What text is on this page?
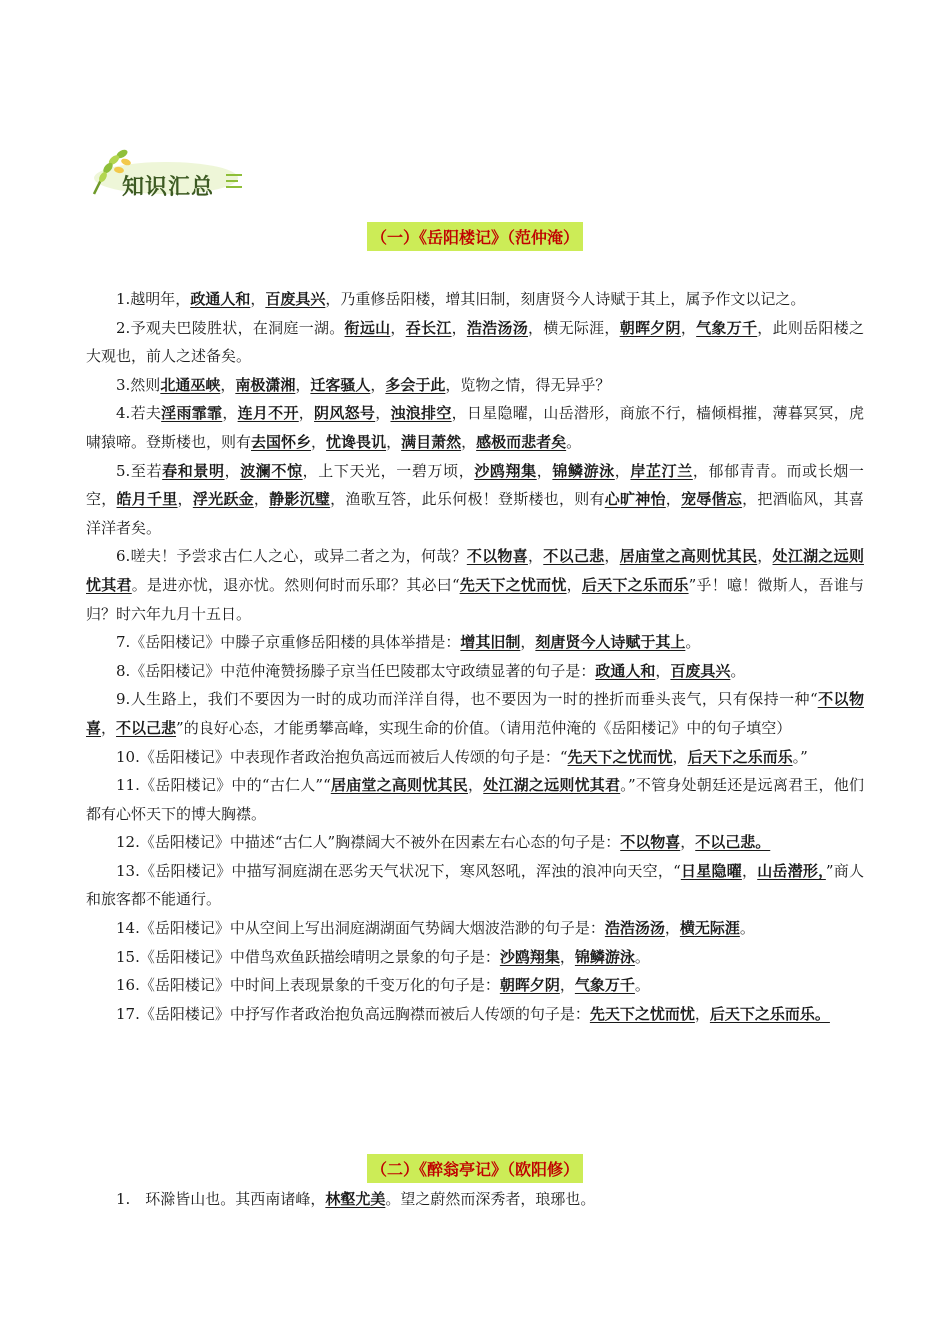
知识汇总
（一）《岳阳楼记》（范仲淹）

1.越明年，政通人和，百废具兴，乃重修岳阳楼，增其旧制，刻唐贤今人诗赋于其上，属予作文以记之。

2.予观夫巴陵胜状，在洞庭一湖。衔远山，吞长江，浩浩汤汤，横无际涯，朝晖夕阴，气象万千，此则岳阳楼之大观也，前人之述备矣。

3.然则北通巫峡，南极潇湘，迁客骚人，多会于此，览物之情，得无异乎？

4.若夫淫雨霏霏，连月不开，阴风怒号，浊浪排空，日星隐曜，山岳潜形，商旅不行，樯倾楫摧，薄暮冥冥，虎啸猿啼。登斯楼也，则有去国怀乡，忧谗畏讥，满目萧然，感极而悲者矣。

5.至若春和景明，波澜不惊，上下天光，一碧万顷，沙鸥翔集，锦鳞游泳，岸芷汀兰，郁郁青青。而或长烟一空，皓月千里，浮光跃金，静影沉璧，渔歌互答，此乐何极！登斯楼也，则有心旷神怡，宠辱偕忘，把酒临风，其喜洋洋者矣。

6.嗟夫！予尝求古仁人之心，或异二者之为，何哉？不以物喜，不以己悲，居庙堂之高则忧其民，处江湖之远则忧其君。是进亦忧，退亦忧。然则何时而乐耶？其必曰“先天下之忧而忧，后天下之乐而乐”乎！噫！微斯人，吾谁与归？时六年九月十五日。

7.《岳阳楼记》中滕子京重修岳阳楼的具体举措是：增其旧制，刻唐贤今人诗赋于其上。

8.《岳阳楼记》中范仲淹赞扬滕子京当任巴陵郡太守政绩显著的句子是：政通人和，百废具兴。

9.人生路上，我们不要因为一时的成功而洋洋自得，也不要因为一时的挫折而垂头丧气，只有保持一种“不以物喜，不以己悲”的良好心态，才能勇攀高峰，实现生命的价值。（请用范仲淹的《岳阳楼记》中的句子填空）

10.《岳阳楼记》中表现作者政治抱负高远而被后人传颂的句子是：“先天下之忧而忧，后天下之乐而乐。”

11.《岳阳楼记》中的“古仁人”“居庙堂之高则忧其民，处江湖之远则忧其君。”不管身处朝廷还是远离君王，他们都有心怀天下的博大胸襟。

12.《岳阳楼记》中描述“古仁人”胸襟阔大不被外在因素左右心态的句子是：不以物喜，不以己悲。

13.《岳阳楼记》中描写洞庭湖在恶劣天气状况下，寒风怒吼，浑浊的浪冲向天空，“日星隐曜，山岳潜形，”商人和旅客都不能通行。

14.《岳阳楼记》中从空间上写出洞庭湖湖面气势阔大烟波浩渺的句子是：浩浩汤汤，横无际涯。

15.《岳阳楼记》中借鸟欢鱼跃描绘晴明之景象的句子是：沙鸥翔集，锦鳞游泳。

16.《岳阳楼记》中时间上表现景象的千变万化的句子是：朝晖夕阴，气象万千。

17.《岳阳楼记》中抒写作者政治抱负高远胸襟而被后人传颂的句子是：先天下之忧而忧，后天下之乐而乐。

（二）《醉翁亭记》（欧阳修）

1.　环滁皆山也。其西南诸峰，林壑尤美。望之蔚然而深秀者，琅琊也。
